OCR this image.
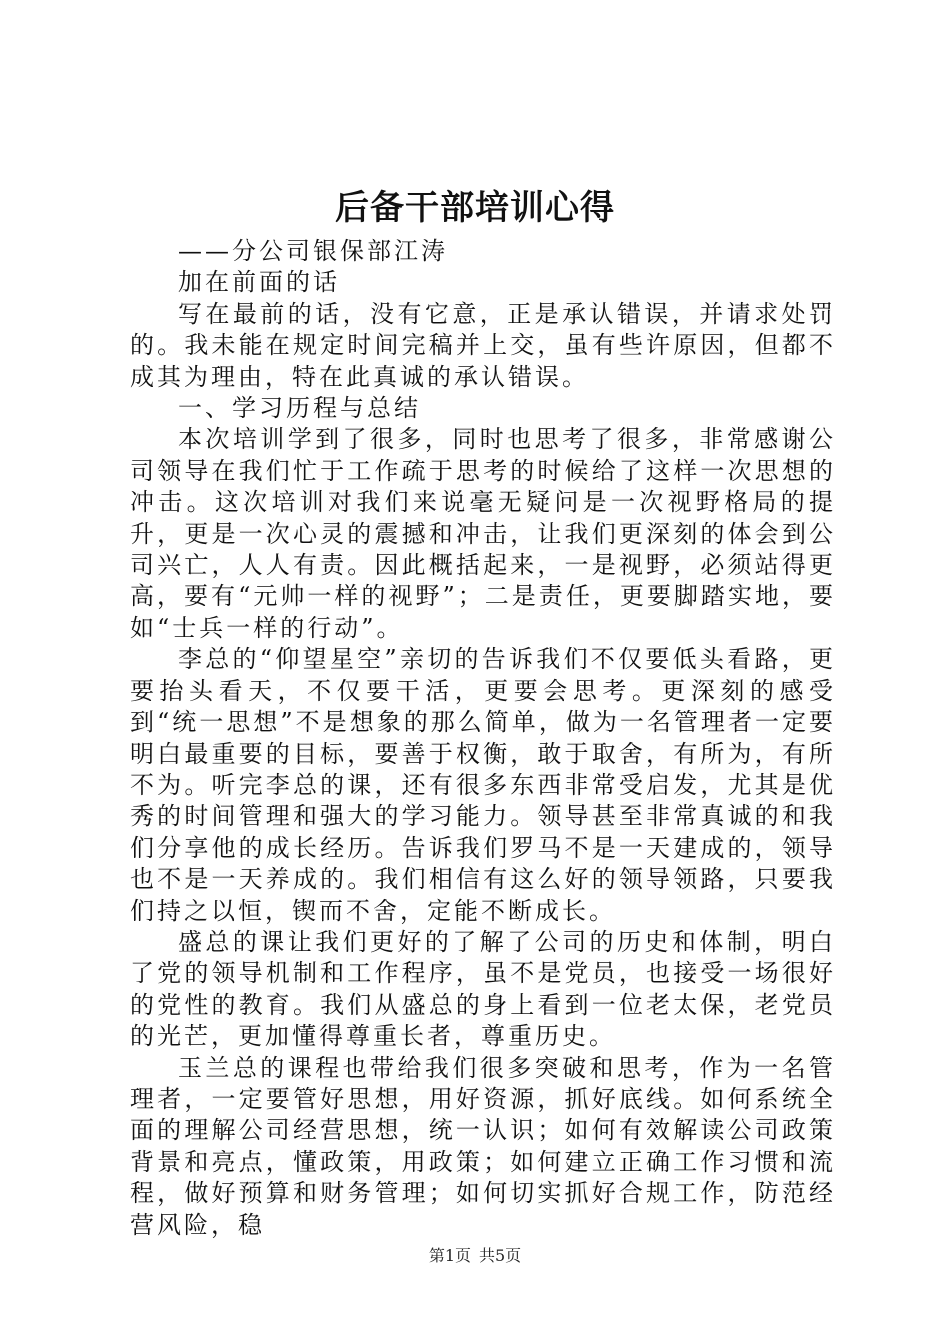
后备干部培训心得

——分公司银保部江涛

加在前面的话

写在最前的话，没有它意，正是承认错误，并请求处罚的。我未能在规定时间完稿并上交，虽有些许原因，但都不成其为理由，特在此真诚的承认错误。

一、学习历程与总结

本次培训学到了很多，同时也思考了很多，非常感谢公司领导在我们忙于工作疏于思考的时候给了这样一次思想的冲击。这次培训对我们来说毫无疑问是一次视野格局的提升，更是一次心灵的震撼和冲击，让我们更深刻的体会到公司兴亡，人人有责。因此概括起来，一是视野，必须站得更高，要有“元帅一样的视野”；二是责任，更要脚踏实地，要如“士兵一样的行动”。

李总的“仰望星空”亲切的告诉我们不仅要低头看路，更要抬头看天，不仅要干活，更要会思考。更深刻的感受到“统一思想”不是想象的那么简单，做为一名管理者一定要明白最重要的目标，要善于权衡，敢于取舍，有所为，有所不为。听完李总的课，还有很多东西非常受启发，尤其是优秀的时间管理和强大的学习能力。领导甚至非常真诚的和我们分享他的成长经历。告诉我们罗马不是一天建成的，领导也不是一天养成的。我们相信有这么好的领导领路，只要我们持之以恒，锲而不舍，定能不断成长。

盛总的课让我们更好的了解了公司的历史和体制，明白了党的领导机制和工作程序，虽不是党员，也接受一场很好的党性的教育。我们从盛总的身上看到一位老太保，老党员的光芒，更加懂得尊重长者，尊重历史。

玉兰总的课程也带给我们很多突破和思考，作为一名管理者，一定要管好思想，用好资源，抓好底线。如何系统全面的理解公司经营思想，统一认识；如何有效解读公司政策背景和亮点，懂政策，用政策；如何建立正确工作习惯和流程，做好预算和财务管理；如何切实抓好合规工作，防范经营风险，稳

第1页 共5页
